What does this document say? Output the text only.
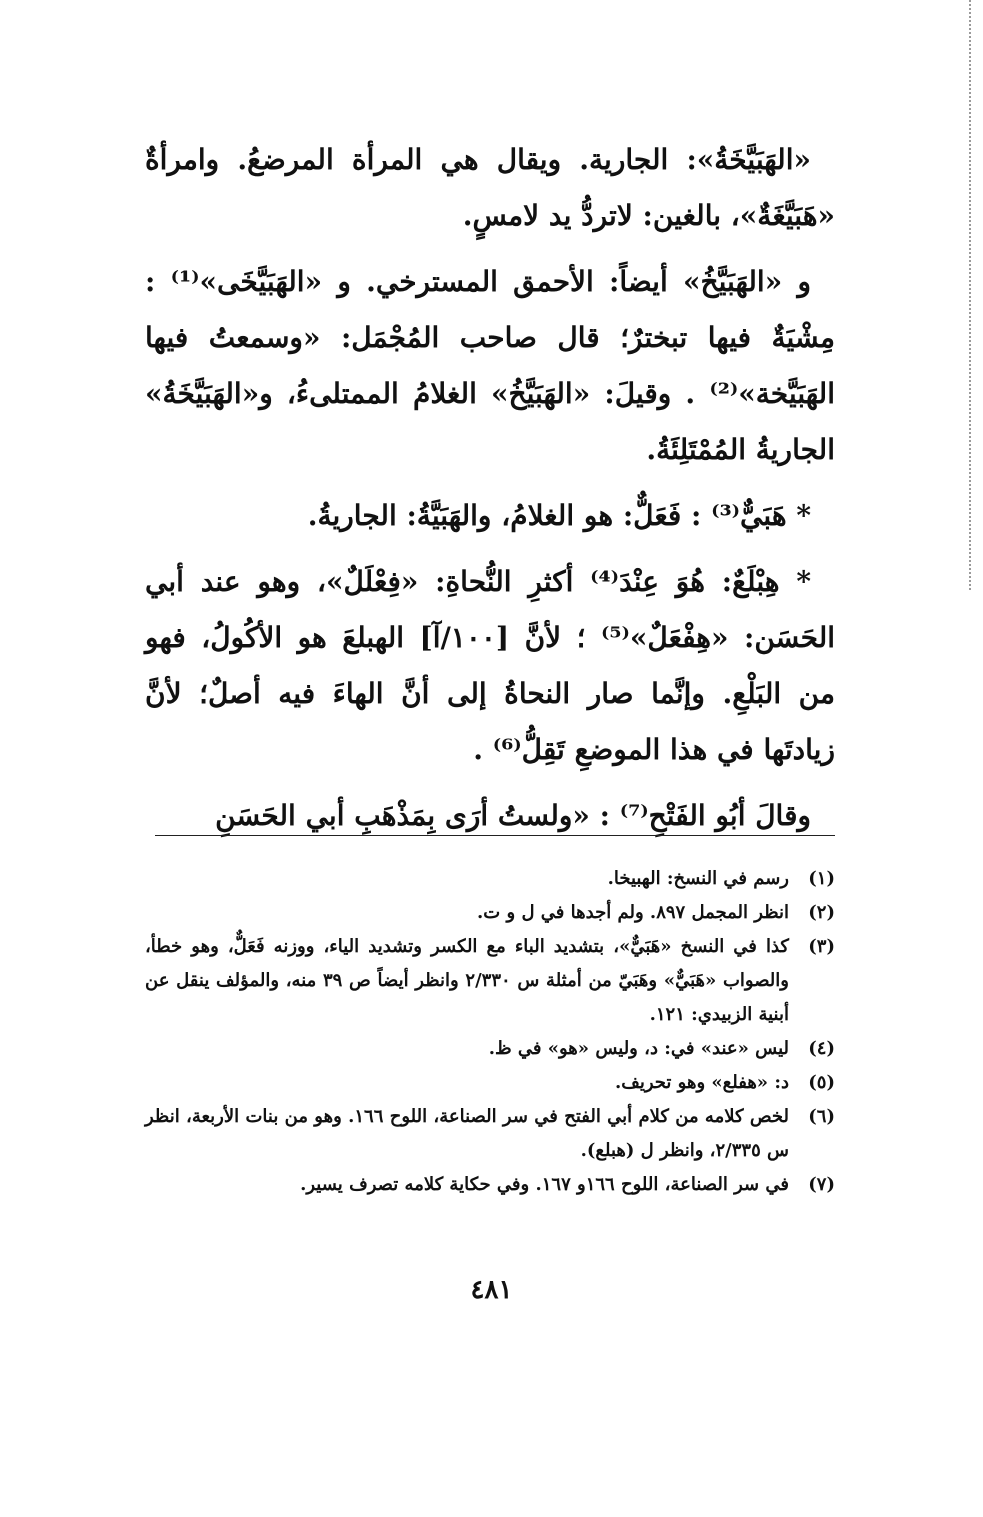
«الهَبَيَّخَةُ»: الجارية. ويقال هي المرأة المرضعُ. وامرأةٌ «هَبَيَّغَةٌ»، بالغين: لاتردُّ يد لامسٍ.

و «الهَبَيَّخُ» أيضاً: الأحمق المسترخي. و «الهَبَيَّخَى»⁽¹⁾ : مِشْيَةٌ فيها تبخترٌ؛ قال صاحب المُجْمَل: «وسمعتُ فيها الهَبَيَّخة»⁽²⁾ . وقيلَ: «الهَبَيَّخُ» الغلامُ الممتلىءُ، و«الهَبَيَّخَةُ» الجاريةُ المُمْتَلِئَةُ.

* هَبَيٌّ⁽³⁾ : فَعَلٌّ: هو الغلامُ، والهَبَيَّةُ: الجاريةُ.

* هِبْلَعٌ: هُوَ عِنْدَ⁽⁴⁾ أكثرِ النُّحاةِ: «فِعْلَلٌ»، وهو عند أبي الحَسَن: «هِفْعَلٌ»⁽⁵⁾ ؛ لأنَّ [١٠٠/آ] الهبلعَ هو الأكُولُ، فهو من البَلْعِ. وإنَّما صار النحاةُ إلى أنَّ الهاءَ فيه أصلٌ؛ لأنَّ زيادتَها في هذا الموضعِ تَقِلُّ⁽⁶⁾ .

وقالَ أبُو الفَتْحِ⁽⁷⁾ : «ولستُ أرَى بِمَذْهَبِ أبي الحَسَنِ

(١)
رسم في النسخ: الهبيخا.
(٢)
انظر المجمل ٨٩٧. ولم أجدها في ل و ت.
(٣)
كذا في النسخ «هَبَيٌّ»، بتشديد الباء مع الكسر وتشديد الياء، ووزنه فَعَلٌّ، وهو خطأ، والصواب «هَبَيٌّ» وهَبَيّ من أمثلة س ٢/٣٣٠ وانظر أيضاً ص ٣٩ منه، والمؤلف ينقل عن أبنية الزبيدي: ١٢١.
(٤)
ليس «عند» في: د، وليس «هو» في ظ.
(٥)
د: «هفلع» وهو تحريف.
(٦)
لخص كلامه من كلام أبي الفتح في سر الصناعة، اللوح ١٦٦. وهو من بنات الأربعة، انظر س ٢/٣٣٥، وانظر ل (هبلع).
(٧)
في سر الصناعة، اللوح ١٦٦و ١٦٧. وفي حكاية كلامه تصرف يسير.
٤٨١
